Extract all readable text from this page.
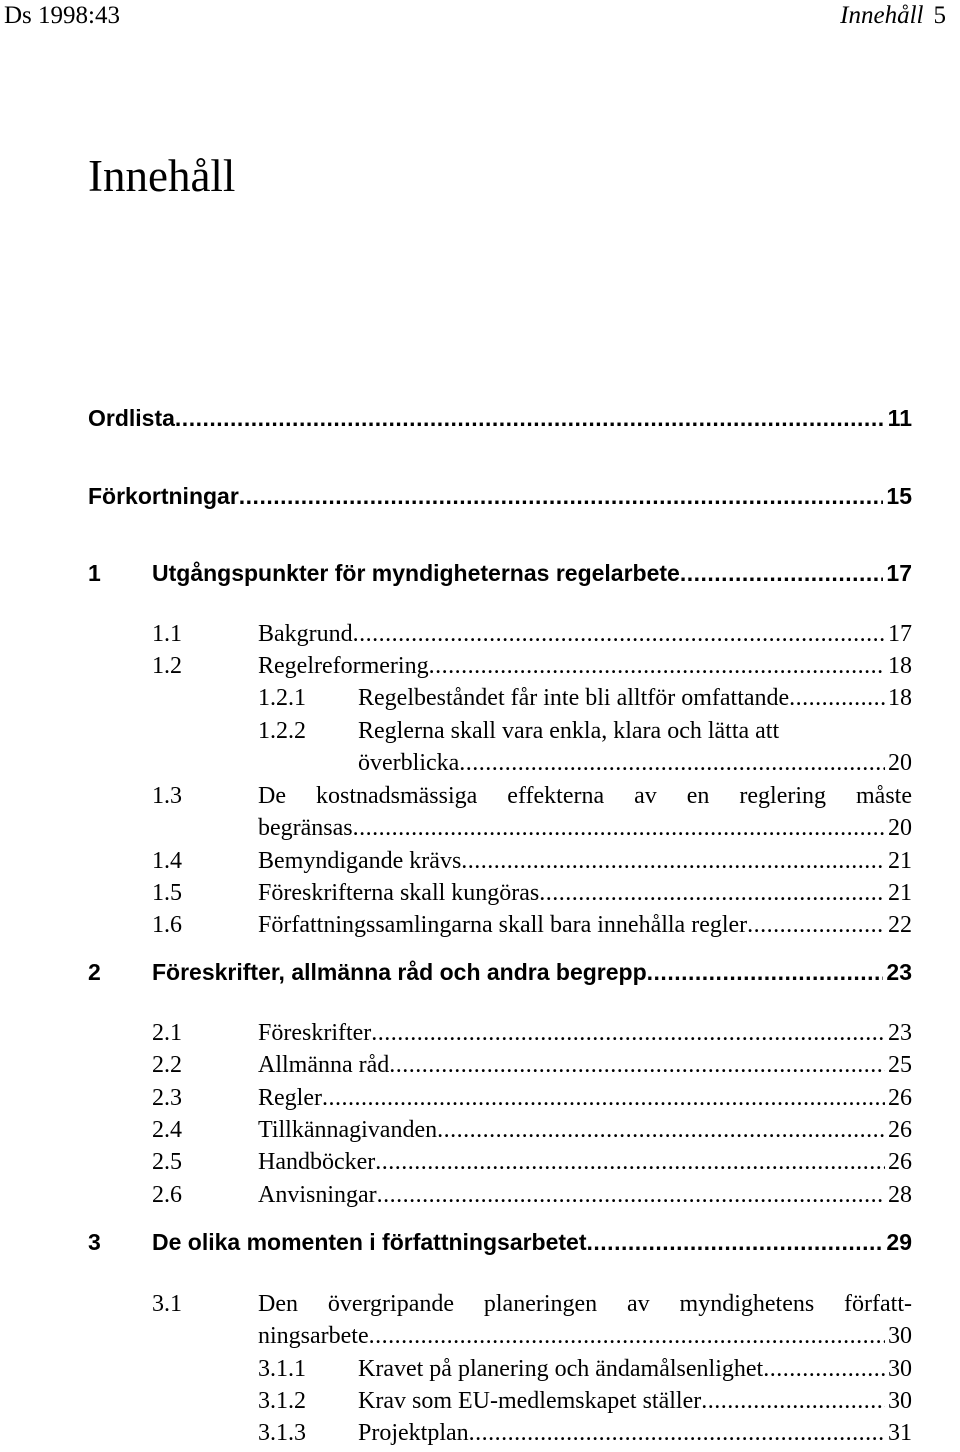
Ds 1998:43	Innehåll 5
Innehåll
Ordlista .....	11
Förkortningar .....	15
1	Utgångspunkter för myndigheternas regelarbete .....	17
1.1	Bakgrund .....	17
1.2	Regelreformering .....	18
1.2.1	Regelbeståndet får inte bli alltför omfattande .....	18
1.2.2	Reglerna skall vara enkla, klara och lätta att
överblicka .....	20
1.3	De kostnadsmässiga effekterna av en reglering måste
begränsas .....	20
1.4	Bemyndigande krävs .....	21
1.5	Föreskrifterna skall kungöras .....	21
1.6	Författningssamlingarna skall bara innehålla regler .....	22
2	Föreskrifter, allmänna råd och andra begrepp .....	23
2.1	Föreskrifter .....	23
2.2	Allmänna råd .....	25
2.3	Regler .....	26
2.4	Tillkännagivanden .....	26
2.5	Handböcker .....	26
2.6	Anvisningar .....	28
3	De olika momenten i författningsarbetet .....	29
3.1	Den övergripande planeringen av myndighetens författ-
ningsarbete .....	30
3.1.1	Kravet på planering och ändamålsenlighet .....	30
3.1.2	Krav som EU-medlemskapet ställer .....	30
3.1.3	Projektplan .....	31
